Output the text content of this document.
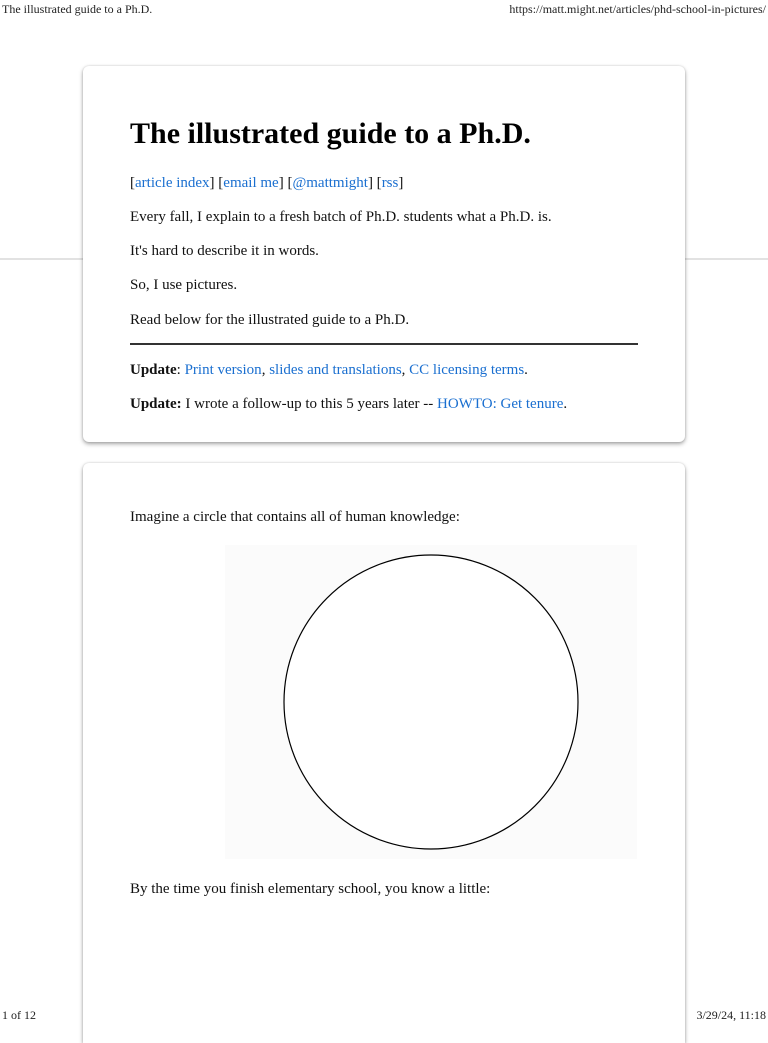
The illustrated guide to a Ph.D.	https://matt.might.net/articles/phd-school-in-pictures/
The illustrated guide to a Ph.D.

[article index] [email me] [@mattmight] [rss]

Every fall, I explain to a fresh batch of Ph.D. students what a Ph.D. is.

It's hard to describe it in words.

So, I use pictures.

Read below for the illustrated guide to a Ph.D.

Update: Print version, slides and translations, CC licensing terms.

Update: I wrote a follow-up to this 5 years later -- HOWTO: Get tenure.

Imagine a circle that contains all of human knowledge:

By the time you finish elementary school, you know a little:

1 of 12	3/29/24, 11:18
